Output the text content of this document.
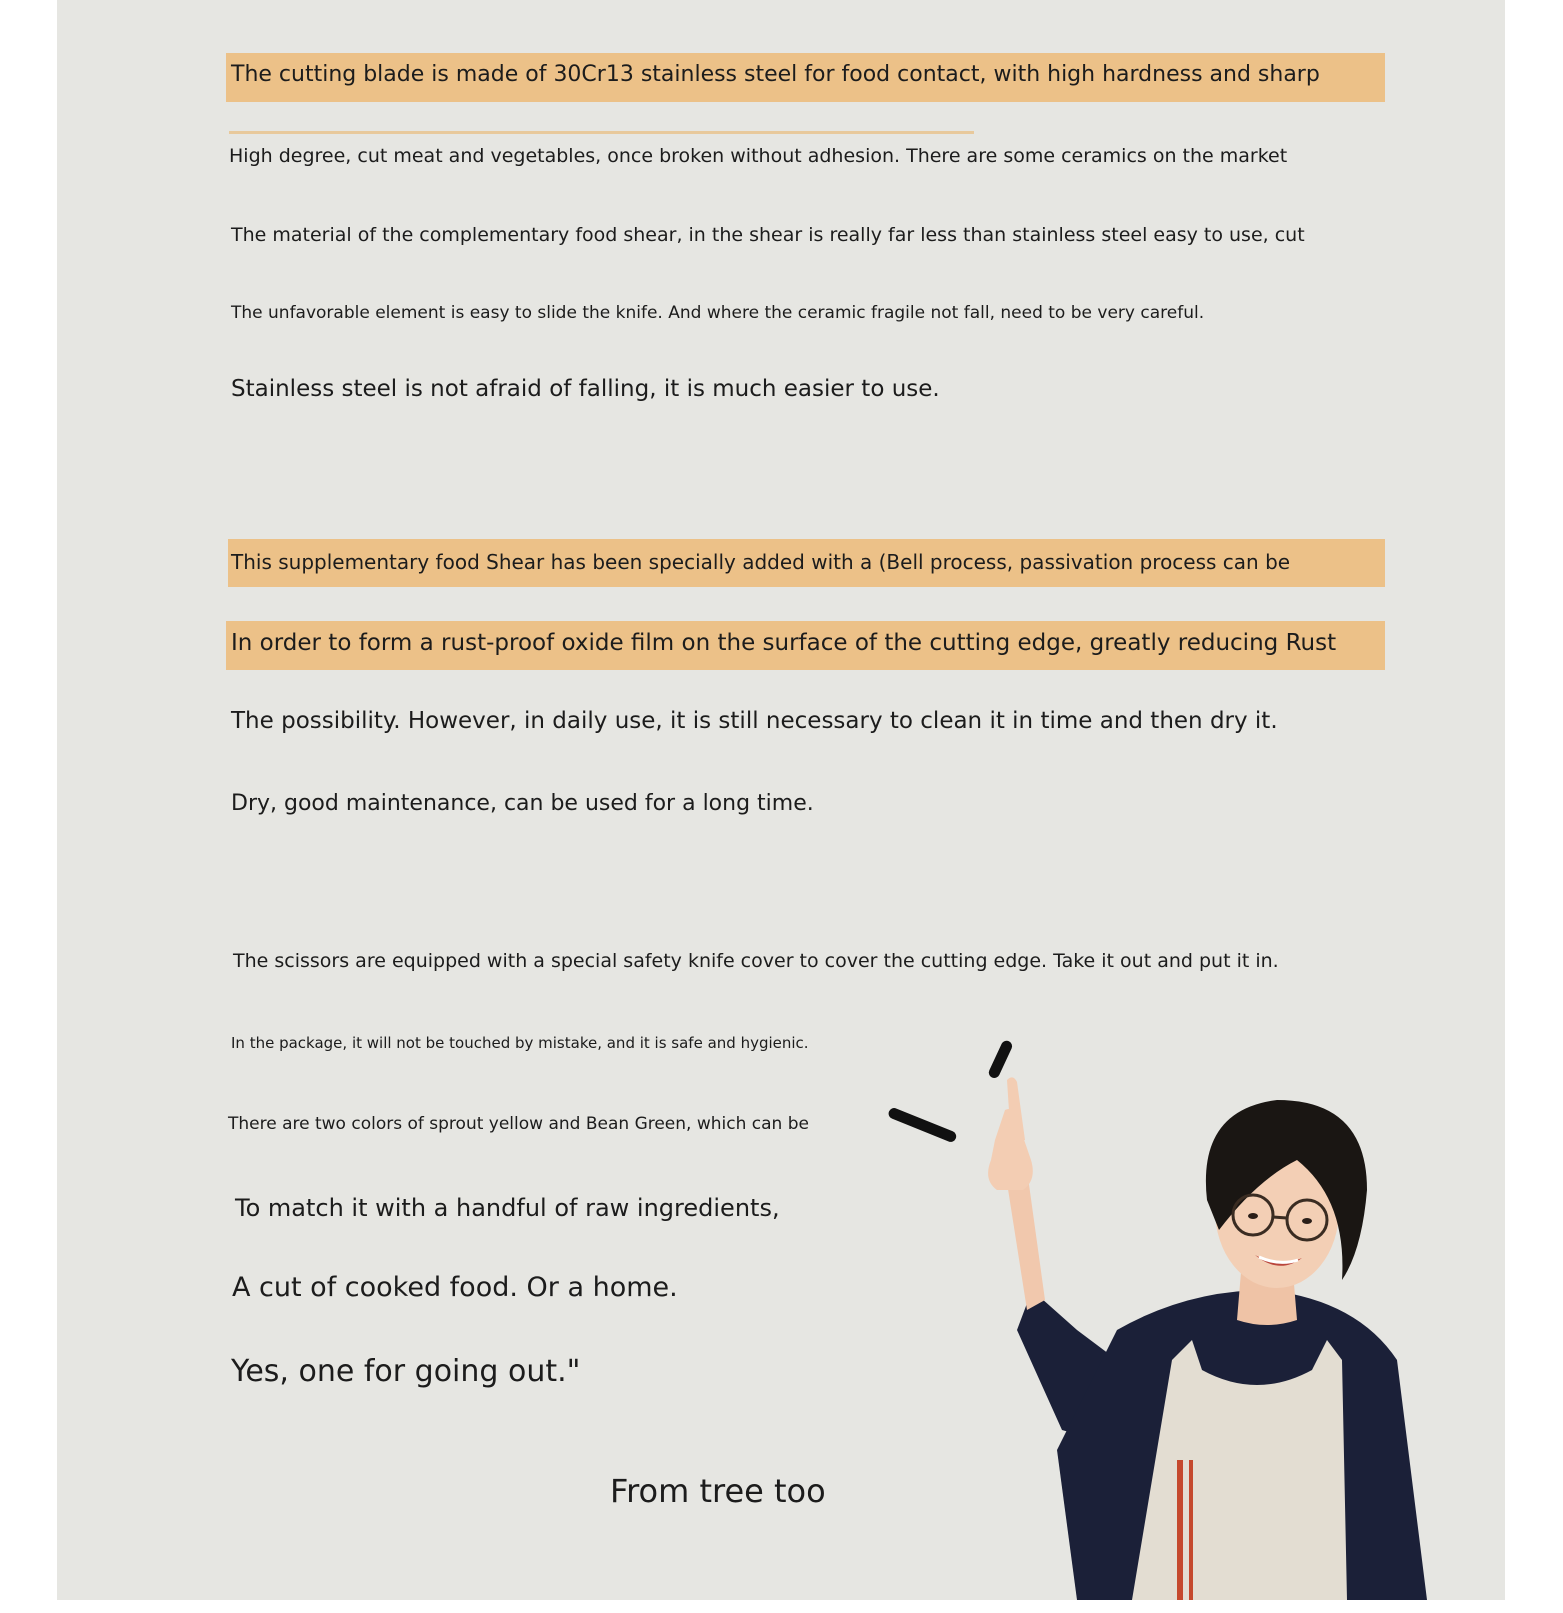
The cutting blade is made of 30Cr13 stainless steel for food contact, with high hardness and sharp

High degree, cut meat and vegetables, once broken without adhesion. There are some ceramics on the market

The material of the complementary food shear, in the shear is really far less than stainless steel easy to use, cut

The unfavorable element is easy to slide the knife. And where the ceramic fragile not fall, need to be very careful.

Stainless steel is not afraid of falling, it is much easier to use.

This supplementary food Shear has been specially added with a (Bell process, passivation process can be

In order to form a rust-proof oxide film on the surface of the cutting edge, greatly reducing Rust

The possibility. However, in daily use, it is still necessary to clean it in time and then dry it.

Dry, good maintenance, can be used for a long time.

The scissors are equipped with a special safety knife cover to cover the cutting edge. Take it out and put it in.

In the package, it will not be touched by mistake, and it is safe and hygienic.

There are two colors of sprout yellow and Bean Green, which can be

To match it with a handful of raw ingredients,

A cut of cooked food. Or a home.

Yes, one for going out."

From tree too
